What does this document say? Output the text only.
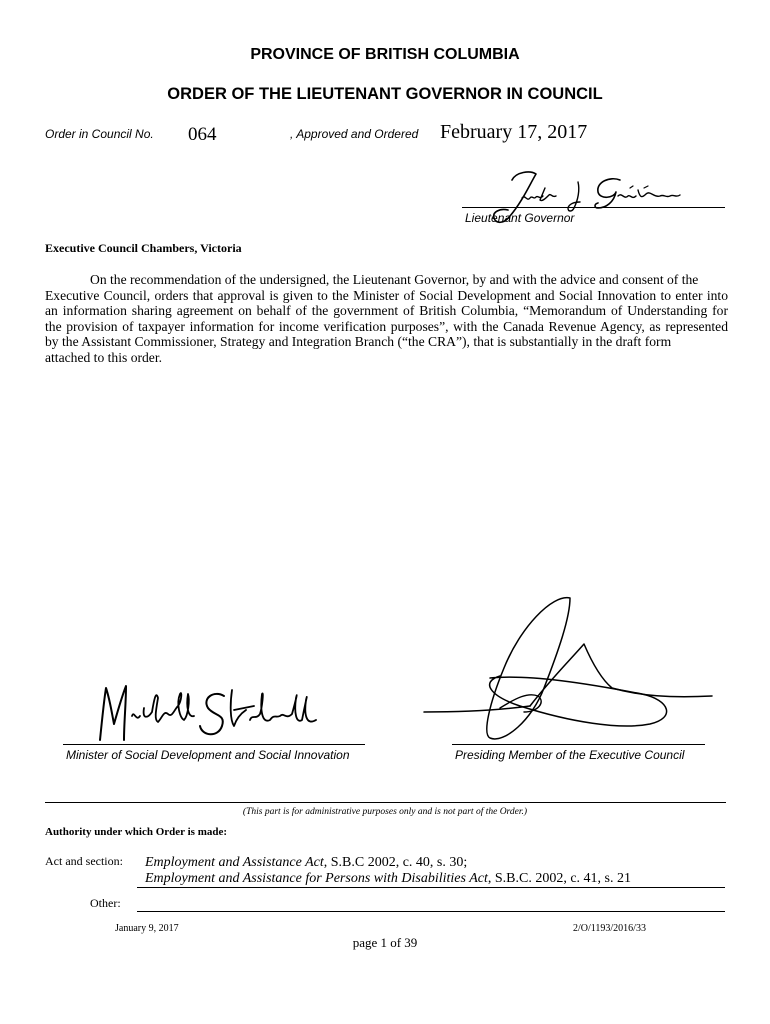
PROVINCE OF BRITISH COLUMBIA
ORDER OF THE LIEUTENANT GOVERNOR IN COUNCIL
Order in Council No. 064	, Approved and Ordered February 17, 2017
Lieutenant Governor
Executive Council Chambers, Victoria
On the recommendation of the undersigned, the Lieutenant Governor, by and with the advice and consent of the
Executive Council, orders that approval is given to the Minister of Social Development and Social Innovation to enter into
an information sharing agreement on behalf of the government of British Columbia, “Memorandum of Understanding for
the provision of taxpayer information for income verification purposes”, with the Canada Revenue Agency, as represented
by the Assistant Commissioner, Strategy and Integration Branch (“the CRA”), that is substantially in the draft form
attached to this order.
Minister of Social Development and Social Innovation	Presiding Member of the Executive Council
(This part is for administrative purposes only and is not part of the Order.)
Authority under which Order is made:
Act and section: Employment and Assistance Act, S.B.C 2002, c. 40, s. 30;
Employment and Assistance for Persons with Disabilities Act, S.B.C. 2002, c. 41, s. 21
Other:
January 9, 2017	2/O/1193/2016/33
page 1 of 39
